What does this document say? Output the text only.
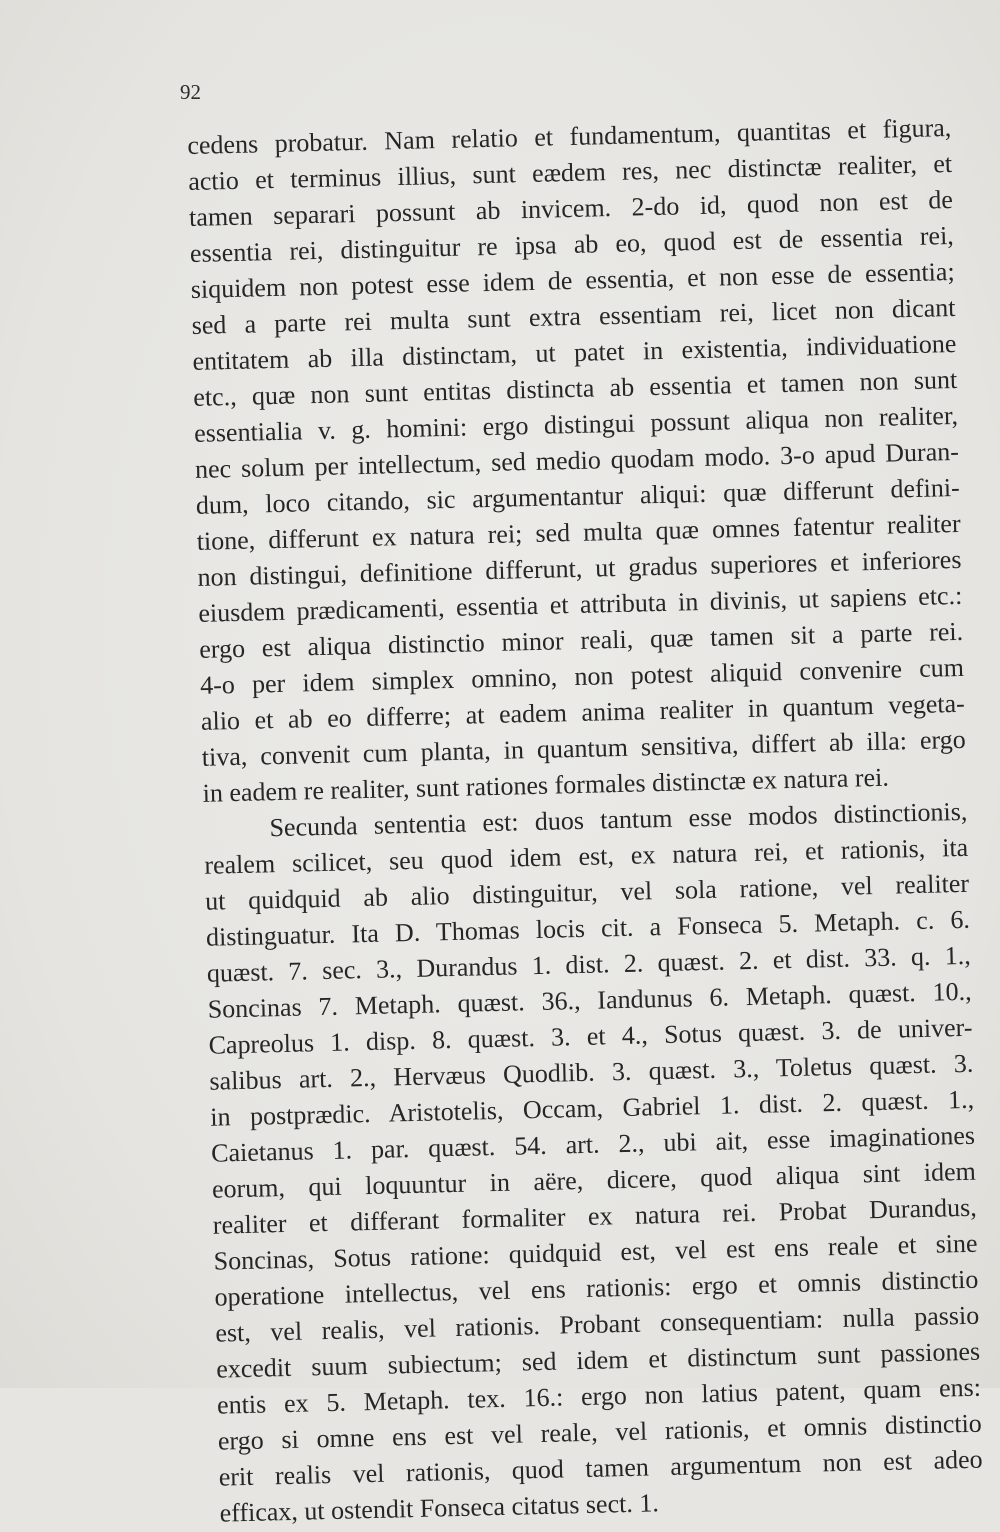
92
cedens probatur. Nam relatio et fundamentum, quantitas et figura,
actio et terminus illius, sunt eædem res, nec distinctæ realiter, et
tamen separari possunt ab invicem. 2-do id, quod non est de
essentia rei, distinguitur re ipsa ab eo, quod est de essentia rei,
siquidem non potest esse idem de essentia, et non esse de essentia;
sed a parte rei multa sunt extra essentiam rei, licet non dicant
entitatem ab illa distinctam, ut patet in existentia, individuatione
etc., quæ non sunt entitas distincta ab essentia et tamen non sunt
essentialia v. g. homini: ergo distingui possunt aliqua non realiter,
nec solum per intellectum, sed medio quodam modo. 3-o apud Duran-
dum, loco citando, sic argumentantur aliqui: quæ differunt defini-
tione, differunt ex natura rei; sed multa quæ omnes fatentur realiter
non distingui, definitione differunt, ut gradus superiores et inferiores
eiusdem prædicamenti, essentia et attributa in divinis, ut sapiens etc.:
ergo est aliqua distinctio minor reali, quæ tamen sit a parte rei.
4-o per idem simplex omnino, non potest aliquid convenire cum
alio et ab eo differre; at eadem anima realiter in quantum vegeta-
tiva, convenit cum planta, in quantum sensitiva, differt ab illa: ergo
in eadem re realiter, sunt rationes formales distinctæ ex natura rei.
Secunda sententia est: duos tantum esse modos distinctionis,
realem scilicet, seu quod idem est, ex natura rei, et rationis, ita
ut quidquid ab alio distinguitur, vel sola ratione, vel realiter
distinguatur. Ita D. Thomas locis cit. a Fonseca 5. Metaph. c. 6.
quæst. 7. sec. 3., Durandus 1. dist. 2. quæst. 2. et dist. 33. q. 1.,
Soncinas 7. Metaph. quæst. 36., Iandunus 6. Metaph. quæst. 10.,
Capreolus 1. disp. 8. quæst. 3. et 4., Sotus quæst. 3. de univer-
salibus art. 2., Hervæus Quodlib. 3. quæst. 3., Toletus quæst. 3.
in postprædic. Aristotelis, Occam, Gabriel 1. dist. 2. quæst. 1.,
Caietanus 1. par. quæst. 54. art. 2., ubi ait, esse imaginationes
eorum, qui loquuntur in aëre, dicere, quod aliqua sint idem
realiter et differant formaliter ex natura rei. Probat Durandus,
Soncinas, Sotus ratione: quidquid est, vel est ens reale et sine
operatione intellectus, vel ens rationis: ergo et omnis distinctio
est, vel realis, vel rationis. Probant consequentiam: nulla passio
excedit suum subiectum; sed idem et distinctum sunt passiones
entis ex 5. Metaph. tex. 16.: ergo non latius patent, quam ens:
ergo si omne ens est vel reale, vel rationis, et omnis distinctio
erit realis vel rationis, quod tamen argumentum non est adeo
efficax, ut ostendit Fonseca citatus sect. 1.
